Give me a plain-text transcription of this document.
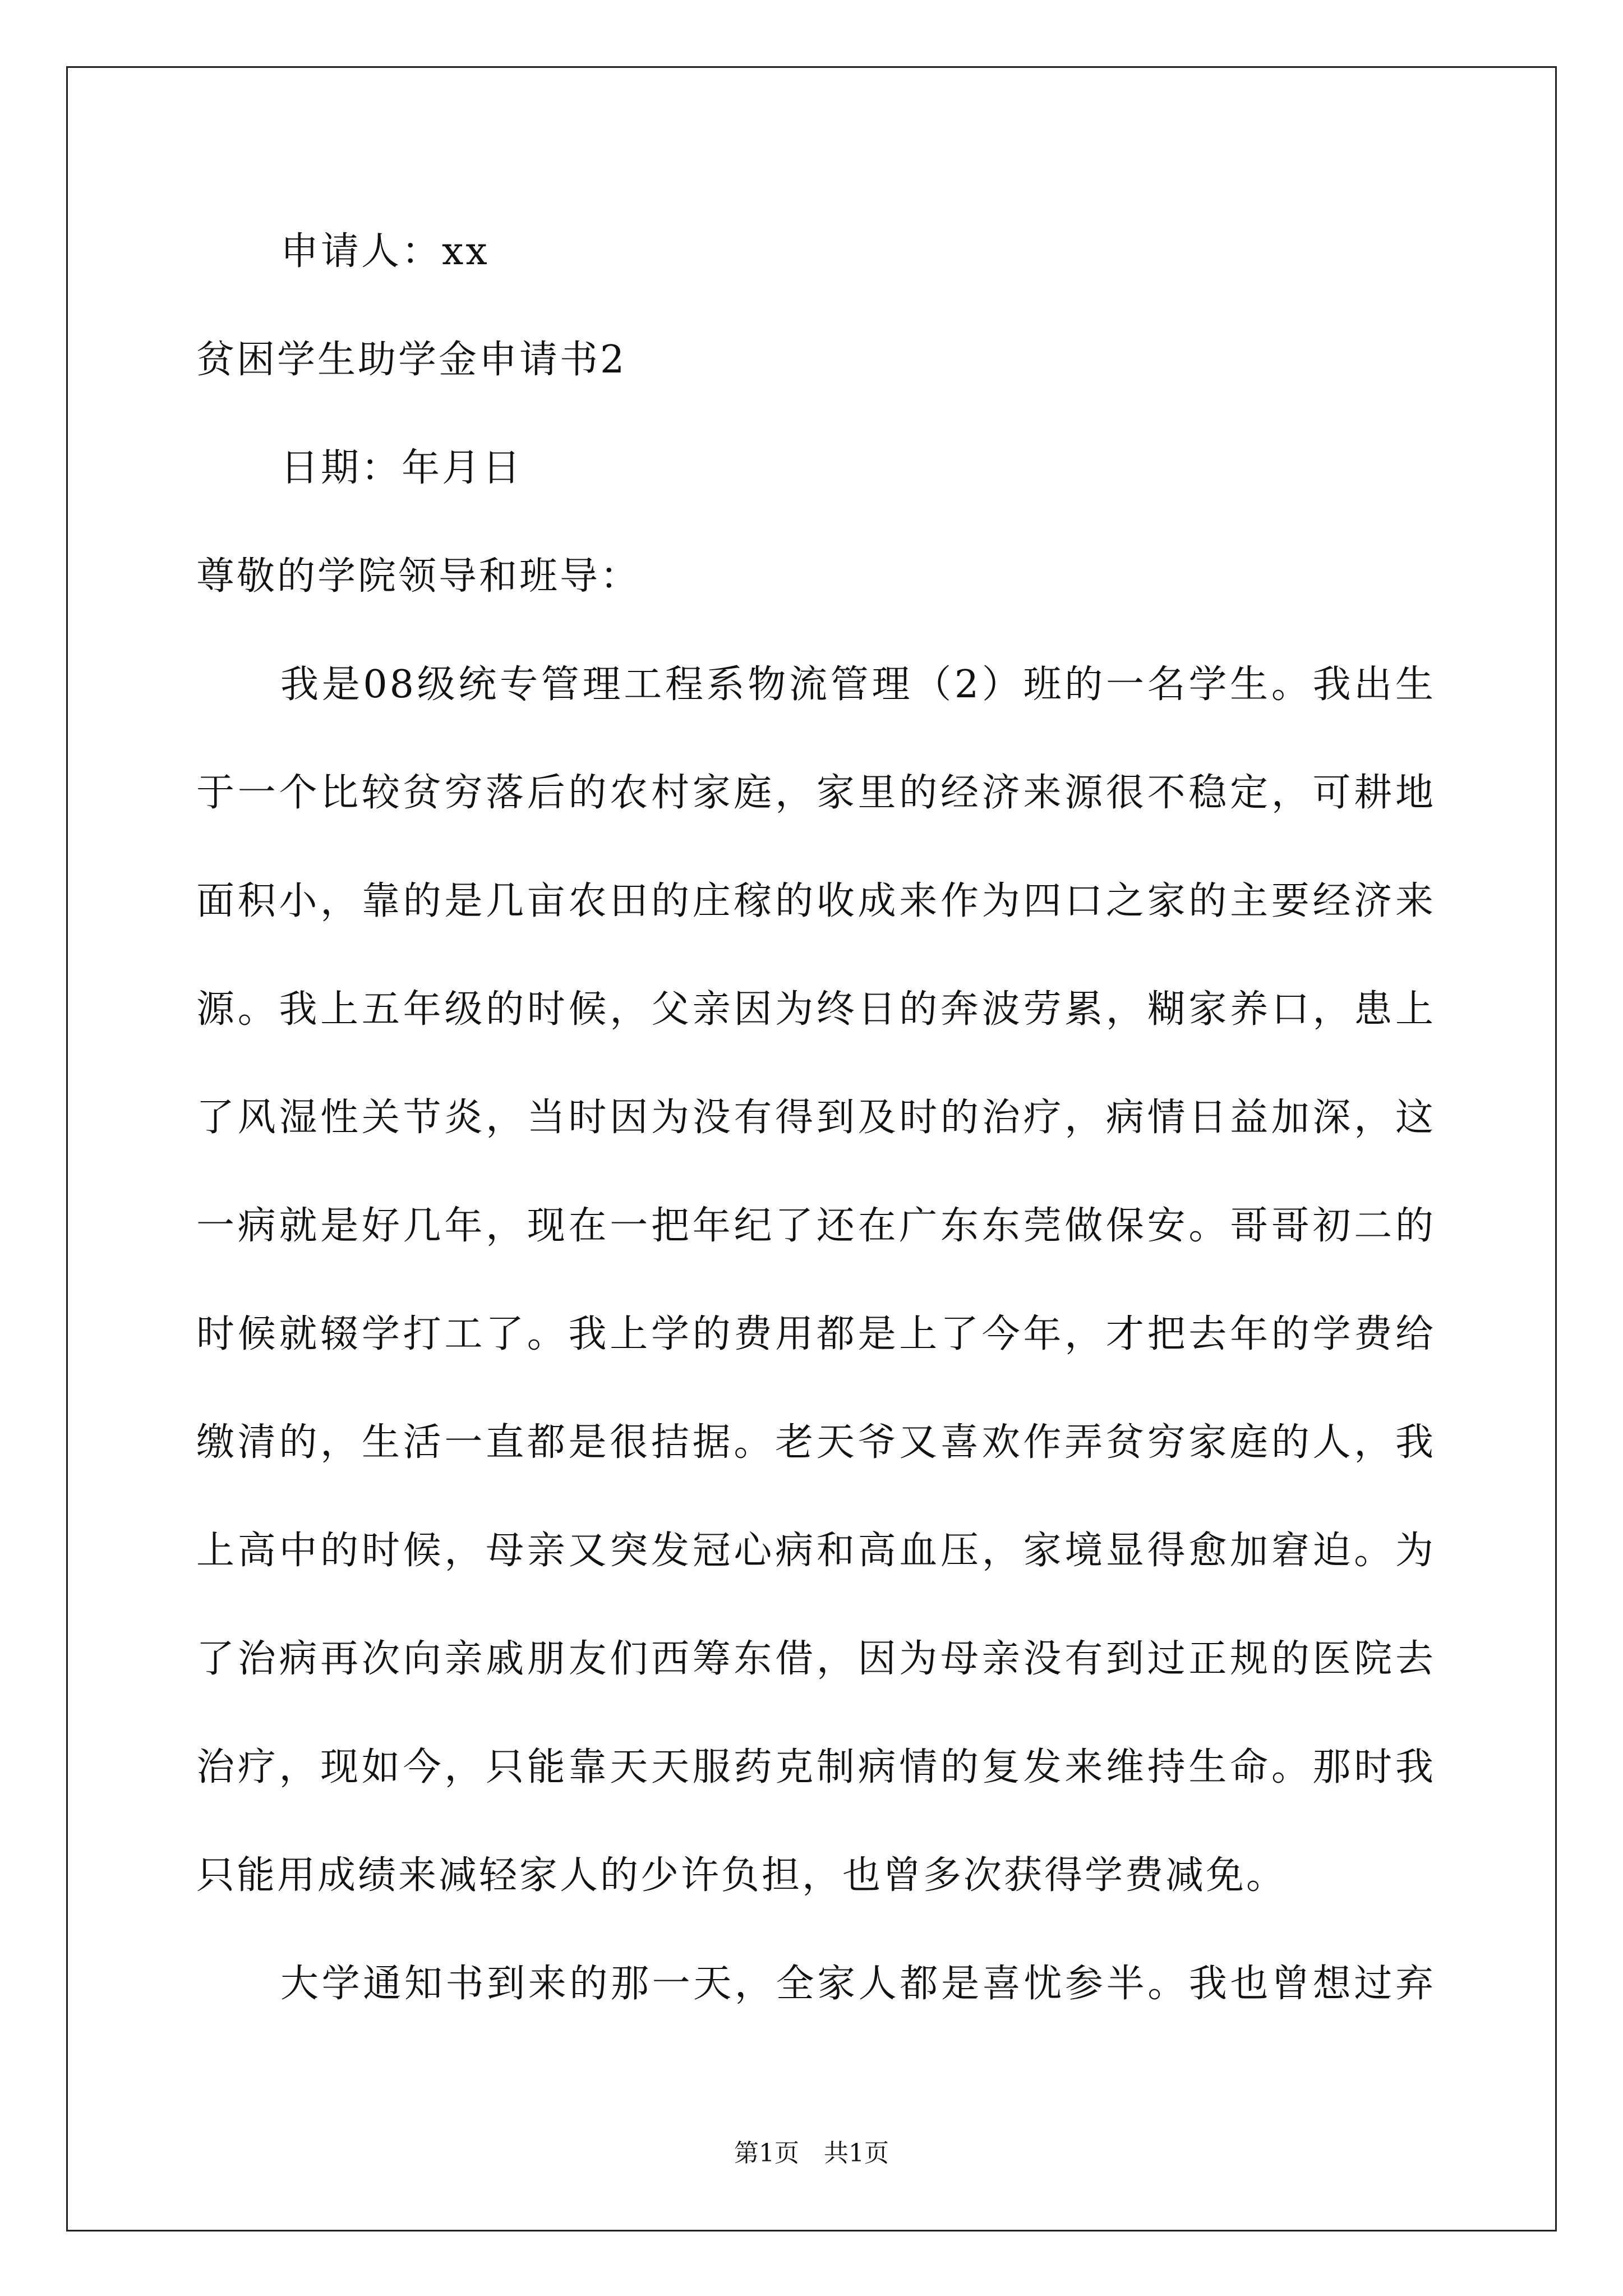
申请人：xx
贫困学生助学金申请书2
日期：年月日
尊敬的学院领导和班导：
我是08级统专管理工程系物流管理（2）班的一名学生。我出生
于一个比较贫穷落后的农村家庭，家里的经济来源很不稳定，可耕地
面积小，靠的是几亩农田的庄稼的收成来作为四口之家的主要经济来
源。我上五年级的时候，父亲因为终日的奔波劳累，糊家养口，患上
了风湿性关节炎，当时因为没有得到及时的治疗，病情日益加深，这
一病就是好几年，现在一把年纪了还在广东东莞做保安。哥哥初二的
时候就辍学打工了。我上学的费用都是上了今年，才把去年的学费给
缴清的，生活一直都是很拮据。老天爷又喜欢作弄贫穷家庭的人，我
上高中的时候，母亲又突发冠心病和高血压，家境显得愈加窘迫。为
了治病再次向亲戚朋友们西筹东借，因为母亲没有到过正规的医院去
治疗，现如今，只能靠天天服药克制病情的复发来维持生命。那时我
只能用成绩来减轻家人的少许负担，也曾多次获得学费减免。
大学通知书到来的那一天，全家人都是喜忧参半。我也曾想过弃
第1页　共1页
